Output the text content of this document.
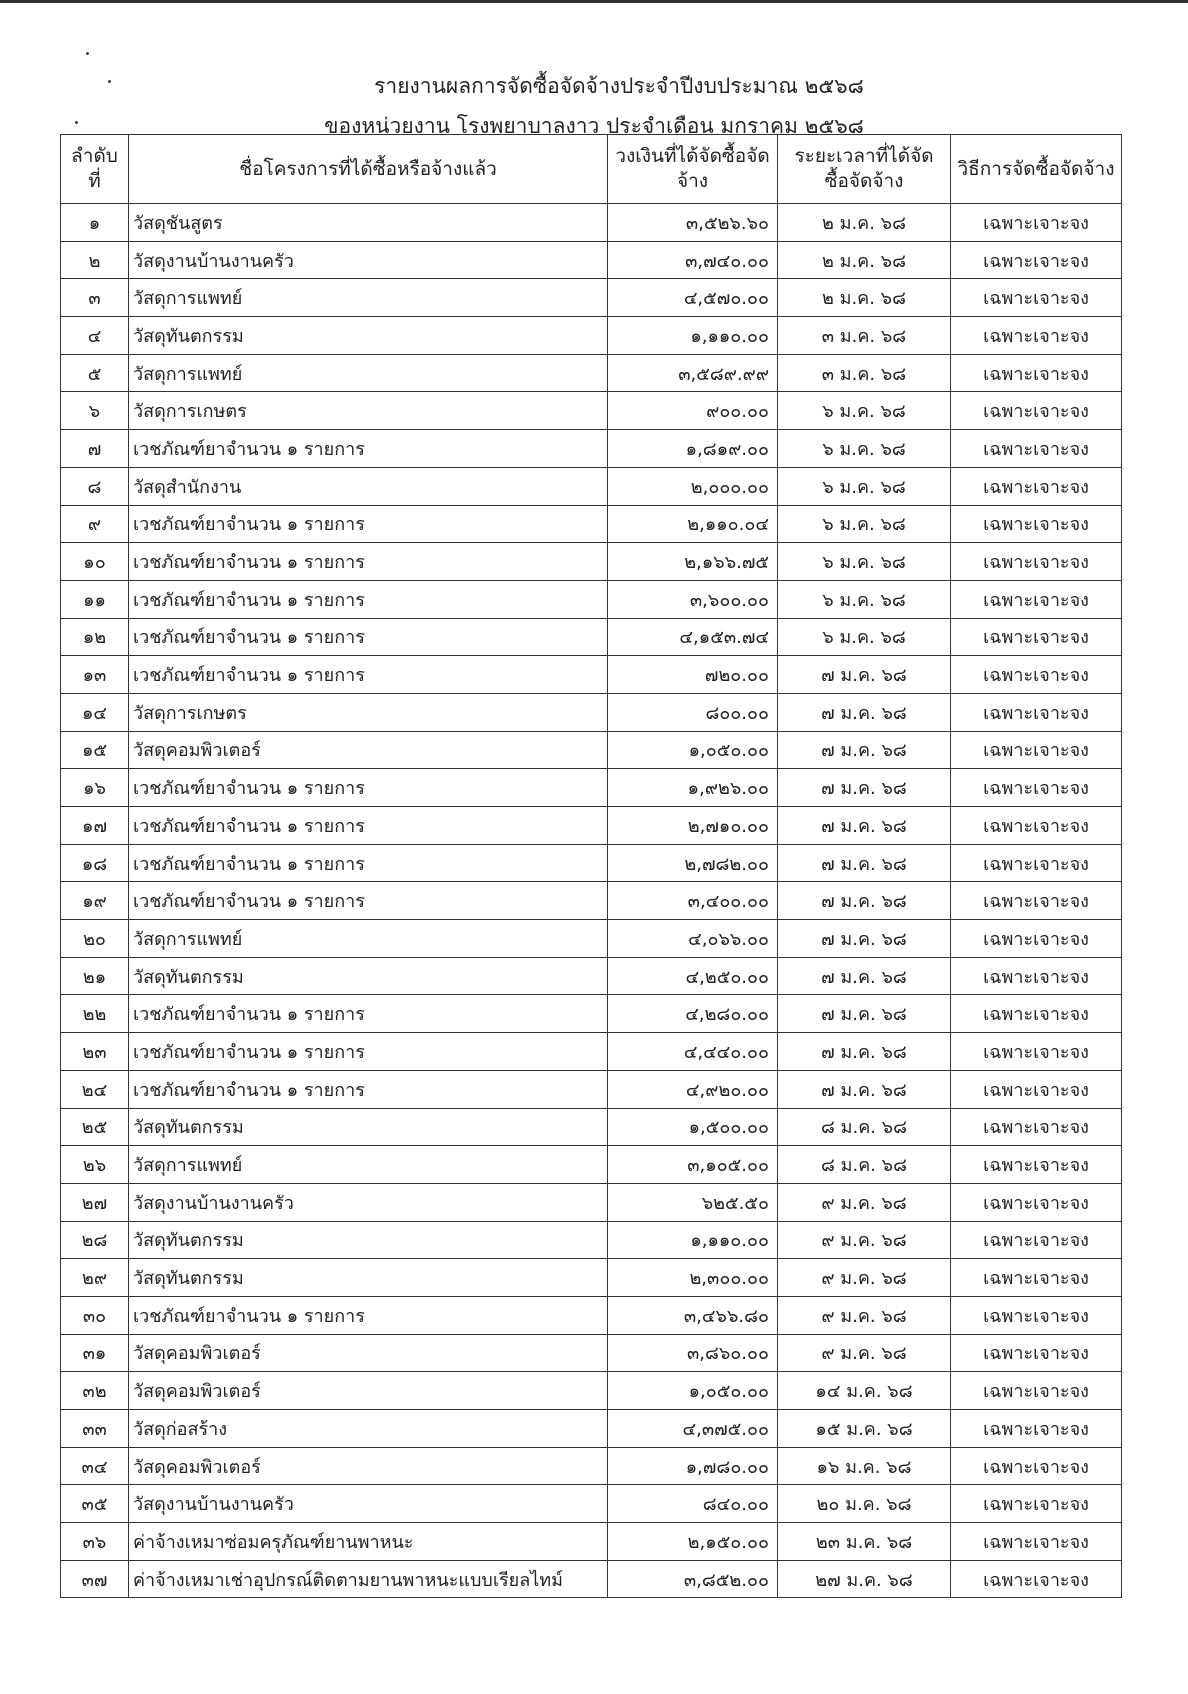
รายงานผลการจัดซื้อจัดจ้างประจำปีงบประมาณ ๒๕๖๘
ของหน่วยงาน โรงพยาบาลงาว ประจำเดือน มกราคม ๒๕๖๘
ลำดับที่	ชื่อโครงการที่ได้ซื้อหรือจ้างแล้ว	วงเงินที่ได้จัดซื้อจัดจ้าง	ระยะเวลาที่ได้จัดซื้อจัดจ้าง	วิธีการจัดซื้อจัดจ้าง
๑	วัสดุชันสูตร	๓,๕๒๖.๖๐	๒ ม.ค. ๖๘	เฉพาะเจาะจง
๒	วัสดุงานบ้านงานครัว	๓,๗๔๐.๐๐	๒ ม.ค. ๖๘	เฉพาะเจาะจง
๓	วัสดุการแพทย์	๔,๕๗๐.๐๐	๒ ม.ค. ๖๘	เฉพาะเจาะจง
๔	วัสดุทันตกรรม	๑,๑๑๐.๐๐	๓ ม.ค. ๖๘	เฉพาะเจาะจง
๕	วัสดุการแพทย์	๓,๕๘๙.๙๙	๓ ม.ค. ๖๘	เฉพาะเจาะจง
๖	วัสดุการเกษตร	๙๐๐.๐๐	๖ ม.ค. ๖๘	เฉพาะเจาะจง
๗	เวชภัณฑ์ยาจำนวน ๑ รายการ	๑,๘๑๙.๐๐	๖ ม.ค. ๖๘	เฉพาะเจาะจง
๘	วัสดุสำนักงาน	๒,๐๐๐.๐๐	๖ ม.ค. ๖๘	เฉพาะเจาะจง
๙	เวชภัณฑ์ยาจำนวน ๑ รายการ	๒,๑๑๐.๐๔	๖ ม.ค. ๖๘	เฉพาะเจาะจง
๑๐	เวชภัณฑ์ยาจำนวน ๑ รายการ	๒,๑๖๖.๗๕	๖ ม.ค. ๖๘	เฉพาะเจาะจง
๑๑	เวชภัณฑ์ยาจำนวน ๑ รายการ	๓,๖๐๐.๐๐	๖ ม.ค. ๖๘	เฉพาะเจาะจง
๑๒	เวชภัณฑ์ยาจำนวน ๑ รายการ	๔,๑๕๓.๗๔	๖ ม.ค. ๖๘	เฉพาะเจาะจง
๑๓	เวชภัณฑ์ยาจำนวน ๑ รายการ	๗๒๐.๐๐	๗ ม.ค. ๖๘	เฉพาะเจาะจง
๑๔	วัสดุการเกษตร	๘๐๐.๐๐	๗ ม.ค. ๖๘	เฉพาะเจาะจง
๑๕	วัสดุคอมพิวเตอร์	๑,๐๕๐.๐๐	๗ ม.ค. ๖๘	เฉพาะเจาะจง
๑๖	เวชภัณฑ์ยาจำนวน ๑ รายการ	๑,๙๒๖.๐๐	๗ ม.ค. ๖๘	เฉพาะเจาะจง
๑๗	เวชภัณฑ์ยาจำนวน ๑ รายการ	๒,๗๑๐.๐๐	๗ ม.ค. ๖๘	เฉพาะเจาะจง
๑๘	เวชภัณฑ์ยาจำนวน ๑ รายการ	๒,๗๘๒.๐๐	๗ ม.ค. ๖๘	เฉพาะเจาะจง
๑๙	เวชภัณฑ์ยาจำนวน ๑ รายการ	๓,๔๐๐.๐๐	๗ ม.ค. ๖๘	เฉพาะเจาะจง
๒๐	วัสดุการแพทย์	๔,๐๖๖.๐๐	๗ ม.ค. ๖๘	เฉพาะเจาะจง
๒๑	วัสดุทันตกรรม	๔,๒๕๐.๐๐	๗ ม.ค. ๖๘	เฉพาะเจาะจง
๒๒	เวชภัณฑ์ยาจำนวน ๑ รายการ	๔,๒๘๐.๐๐	๗ ม.ค. ๖๘	เฉพาะเจาะจง
๒๓	เวชภัณฑ์ยาจำนวน ๑ รายการ	๔,๔๔๐.๐๐	๗ ม.ค. ๖๘	เฉพาะเจาะจง
๒๔	เวชภัณฑ์ยาจำนวน ๑ รายการ	๔,๙๒๐.๐๐	๗ ม.ค. ๖๘	เฉพาะเจาะจง
๒๕	วัสดุทันตกรรม	๑,๕๐๐.๐๐	๘ ม.ค. ๖๘	เฉพาะเจาะจง
๒๖	วัสดุการแพทย์	๓,๑๐๕.๐๐	๘ ม.ค. ๖๘	เฉพาะเจาะจง
๒๗	วัสดุงานบ้านงานครัว	๖๒๕.๕๐	๙ ม.ค. ๖๘	เฉพาะเจาะจง
๒๘	วัสดุทันตกรรม	๑,๑๑๐.๐๐	๙ ม.ค. ๖๘	เฉพาะเจาะจง
๒๙	วัสดุทันตกรรม	๒,๓๐๐.๐๐	๙ ม.ค. ๖๘	เฉพาะเจาะจง
๓๐	เวชภัณฑ์ยาจำนวน ๑ รายการ	๓,๔๖๖.๘๐	๙ ม.ค. ๖๘	เฉพาะเจาะจง
๓๑	วัสดุคอมพิวเตอร์	๓,๘๖๐.๐๐	๙ ม.ค. ๖๘	เฉพาะเจาะจง
๓๒	วัสดุคอมพิวเตอร์	๑,๐๕๐.๐๐	๑๔ ม.ค. ๖๘	เฉพาะเจาะจง
๓๓	วัสดุก่อสร้าง	๔,๓๗๕.๐๐	๑๕ ม.ค. ๖๘	เฉพาะเจาะจง
๓๔	วัสดุคอมพิวเตอร์	๑,๗๘๐.๐๐	๑๖ ม.ค. ๖๘	เฉพาะเจาะจง
๓๕	วัสดุงานบ้านงานครัว	๘๔๐.๐๐	๒๐ ม.ค. ๖๘	เฉพาะเจาะจง
๓๖	ค่าจ้างเหมาซ่อมครุภัณฑ์ยานพาหนะ	๒,๑๕๐.๐๐	๒๓ ม.ค. ๖๘	เฉพาะเจาะจง
๓๗	ค่าจ้างเหมาเช่าอุปกรณ์ติดตามยานพาหนะแบบเรียลไทม์	๓,๘๕๒.๐๐	๒๗ ม.ค. ๖๘	เฉพาะเจาะจง
